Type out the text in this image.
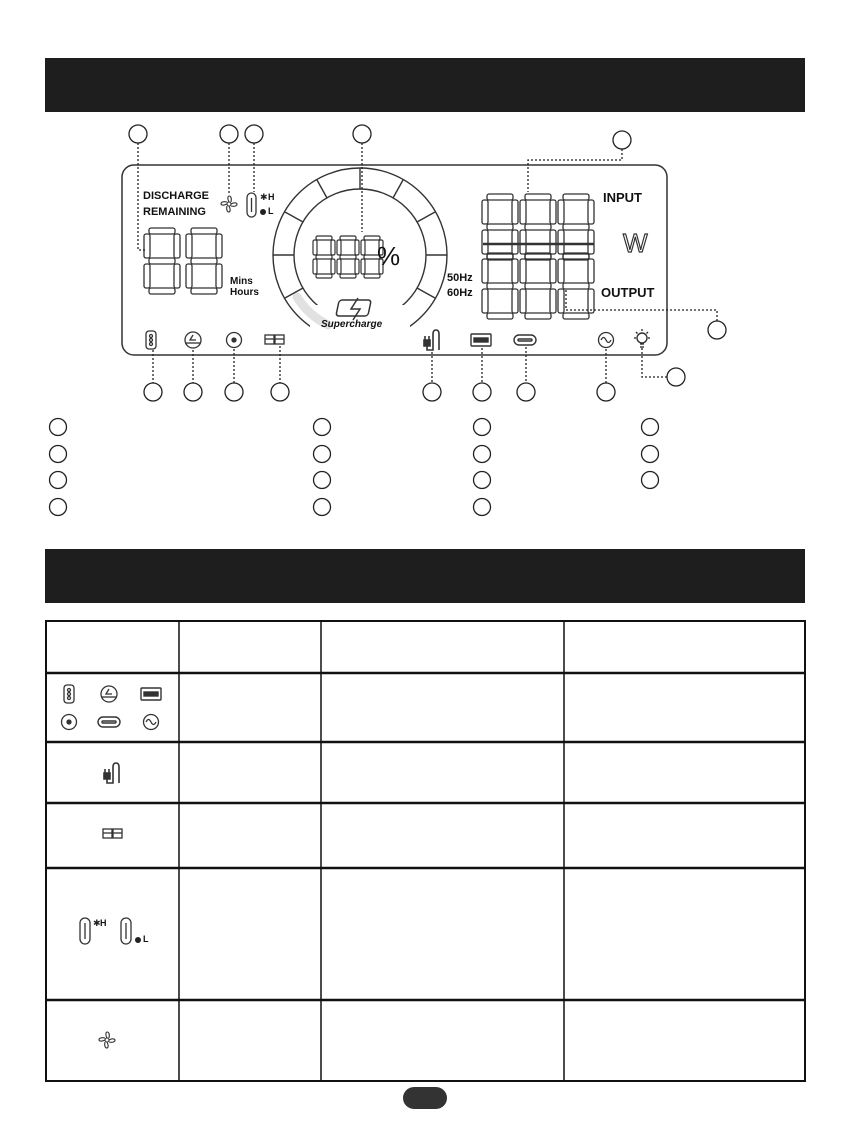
✱
✱
DISCHARGE
REMAINING
Mins
Hours
H
L
%
Supercharge
INPUT
W
50Hz
60Hz	OUTPUT
H
L
